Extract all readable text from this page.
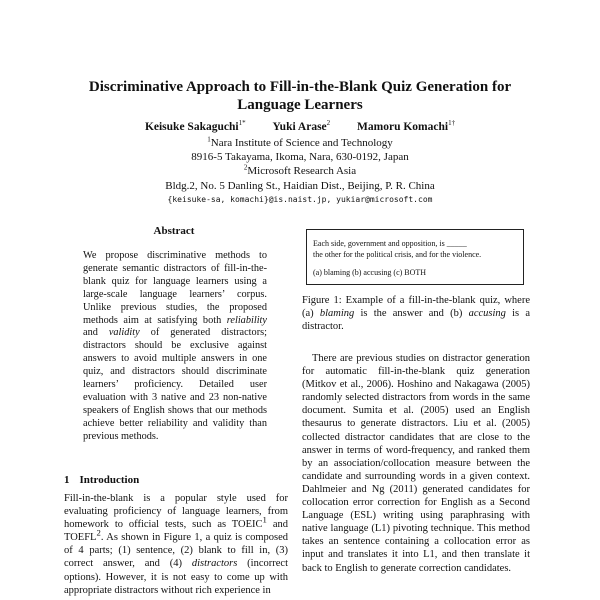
Discriminative Approach to Fill-in-the-Blank Quiz Generation for
Language Learners
Keisuke Sakaguchi$^{1*}$ Yuki Arase$^2$ Mamoru Komachi$^{1\dagger}$
$^1$Nara Institute of Science and Technology
8916-5 Takayama, Ikoma, Nara, 630-0192, Japan
$^2$Microsoft Research Asia
Bldg.2, No. 5 Danling St., Haidian Dist., Beijing, P. R. China
{keisuke-sa, komachi}@is.naist.jp, yukiar@microsoft.com
Abstract

We propose discriminative methods to generate semantic distractors of fill-in-the-blank quiz for language learners using a large-scale language learners’ corpus. Unlike previous studies, the proposed methods aim at satisfying both reliability and validity of generated distractors; distractors should be exclusive against answers to avoid multiple answers in one quiz, and distractors should discriminate learners’ proficiency. Detailed user evaluation with 3 native and 23 non-native speakers of English shows that our methods achieve better reliability and validity than previous methods.

1 Introduction

Fill-in-the-blank is a popular style used for evaluating proficiency of language learners, from homework to official tests, such as TOEIC$^1$ and TOEFL$^2$. As shown in Figure 1, a quiz is composed of 4 parts; (1) sentence, (2) blank to fill in, (3) correct answer, and (4) distractors (incorrect options). However, it is not easy to come up with appropriate distractors without rich experience in

Each side, government and opposition, is _____
the other for the political crisis, and for the violence.
(a) blaming (b) accusing (c) BOTH
Figure 1: Example of a fill-in-the-blank quiz, where (a) blaming is the answer and (b) accusing is a distractor.

There are previous studies on distractor generation for automatic fill-in-the-blank quiz generation (Mitkov et al., 2006). Hoshino and Nakagawa (2005) randomly selected distractors from words in the same document. Sumita et al. (2005) used an English thesaurus to generate distractors. Liu et al. (2005) collected distractor candidates that are close to the answer in terms of word-frequency, and ranked them by an association/collocation measure between the candidate and surrounding words in a given context. Dahlmeier and Ng (2011) generated candidates for collocation error correction for English as a Second Language (ESL) writing using paraphrasing with native language (L1) pivoting technique. This method takes an sentence containing a collocation error as input and translates it into L1, and then translate it back to English to generate correction candidates.
